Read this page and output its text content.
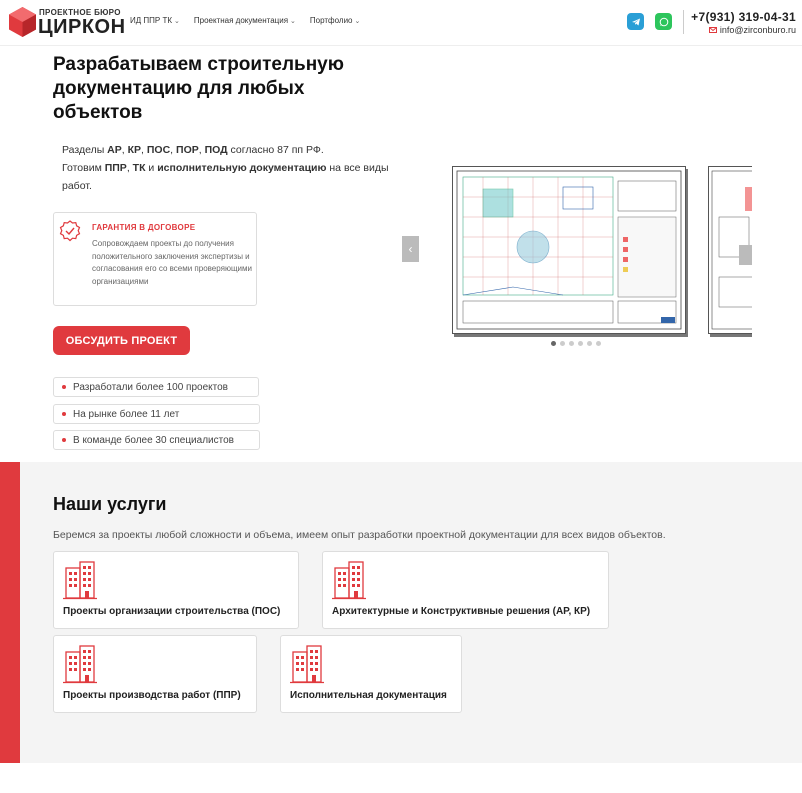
ПРОЕКТНОЕ БЮРО
ЦИРКОН ИД ППР ТК ⌄ Проектная документация ⌄ Портфолио ⌄	+7(931) 319-04-31
info@zirconburo.ru
Разрабатываем строительную документацию для любых объектов
Разделы АР, КР, ПОС, ПОР, ПОД согласно 87 пп РФ.
Готовим ППР, ТК и исполнительную документацию на все виды работ.
ГАРАНТИЯ В ДОГОВОРЕ
Сопровождаем проекты до получения положительного заключения экспертизы и согласования его со всеми проверяющими организациями
ОБСУДИТЬ ПРОЕКТ
Разработали более 100 проектов
На рынке более 11 лет
В команде более 30 специалистов
‹
Наши услуги

Беремся за проекты любой сложности и объема, имеем опыт разработки проектной документации для всех видов объектов.

Проекты организации строительства (ПОС)	Архитектурные и Конструктивные решения (АР, КР)
Проекты производства работ (ППР)	Исполнительная документация
